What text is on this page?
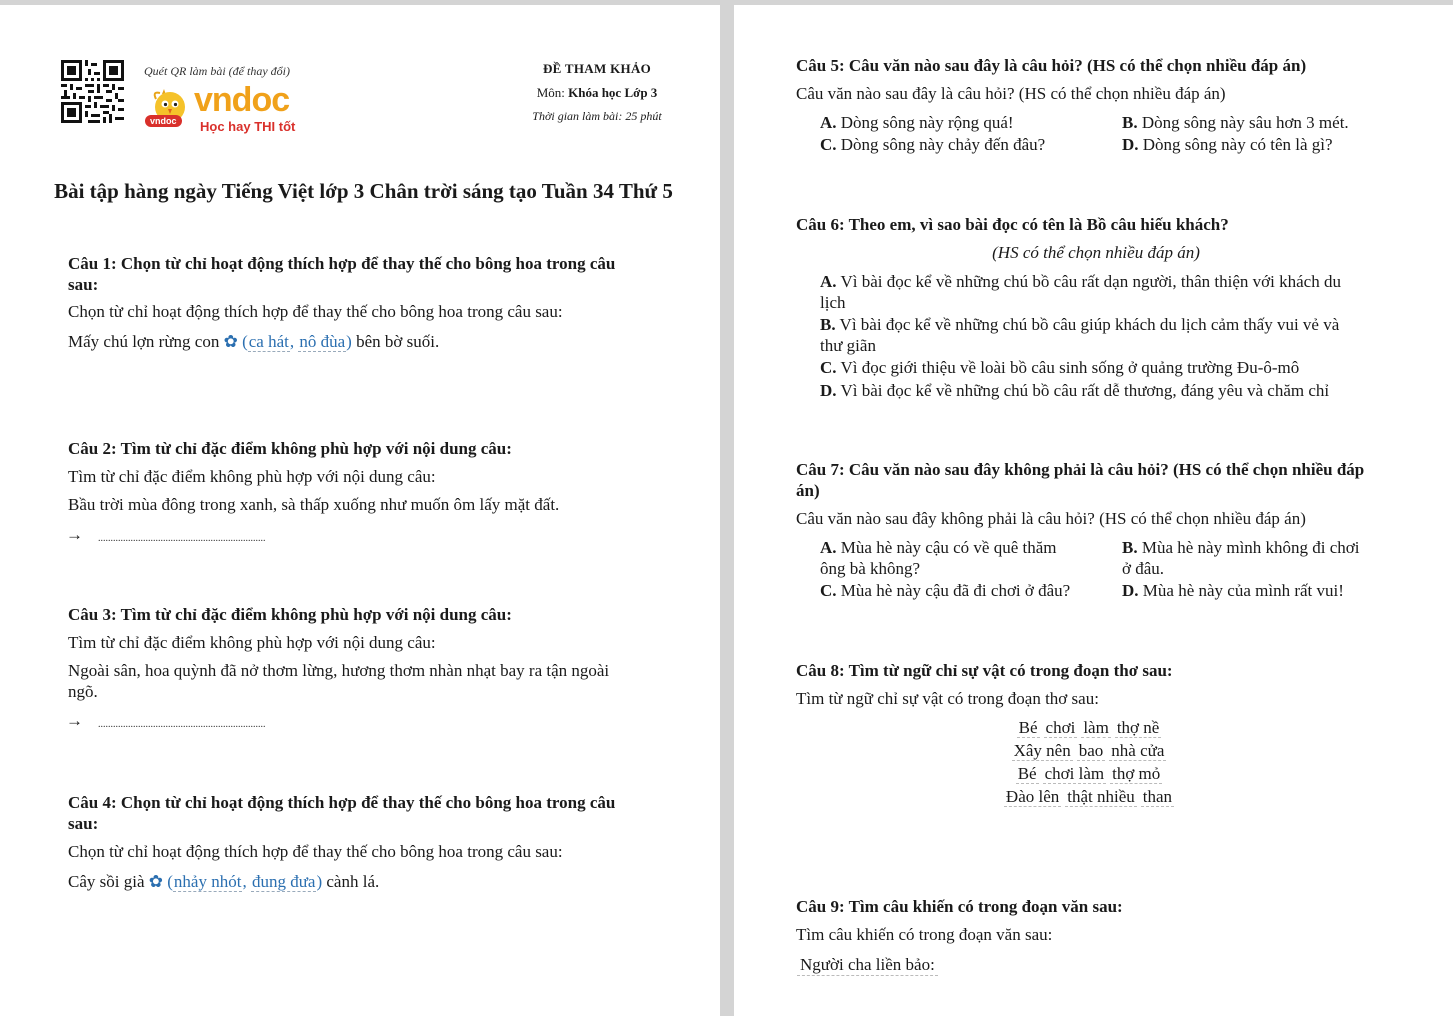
Quét QR làm bài (để thay đổi)
vndoc
vndoc
Học hay THI tốt
ĐỀ THAM KHẢO
Môn: Khóa học Lớp 3
Thời gian làm bài: 25 phút
Bài tập hàng ngày Tiếng Việt lớp 3 Chân trời sáng tạo Tuần 34 Thứ 5
Câu 1: Chọn từ chỉ hoạt động thích hợp để thay thế cho bông hoa trong câu
sau:
Chọn từ chỉ hoạt động thích hợp để thay thế cho bông hoa trong câu sau:
Mấy chú lợn rừng con ✿ (ca hát, nô đùa) bên bờ suối.
Câu 2: Tìm từ chỉ đặc điểm không phù hợp với nội dung câu:
Tìm từ chỉ đặc điểm không phù hợp với nội dung câu:
Bầu trời mùa đông trong xanh, sà thấp xuống như muốn ôm lấy mặt đất.
→ ...................................................................
Câu 3: Tìm từ chỉ đặc điểm không phù hợp với nội dung câu:
Tìm từ chỉ đặc điểm không phù hợp với nội dung câu:
Ngoài sân, hoa quỳnh đã nở thơm lừng, hương thơm nhàn nhạt bay ra tận ngoài
ngõ.
→ ...................................................................
Câu 4: Chọn từ chỉ hoạt động thích hợp để thay thế cho bông hoa trong câu
sau:
Chọn từ chỉ hoạt động thích hợp để thay thế cho bông hoa trong câu sau:
Cây sồi già ✿ (nhảy nhót, đung đưa) cành lá.
Câu 5: Câu văn nào sau đây là câu hỏi? (HS có thể chọn nhiều đáp án)
Câu văn nào sau đây là câu hỏi? (HS có thể chọn nhiều đáp án)
A. Dòng sông này rộng quá!	B. Dòng sông này sâu hơn 3 mét.
C. Dòng sông này chảy đến đâu?	D. Dòng sông này có tên là gì?
Câu 6: Theo em, vì sao bài đọc có tên là Bồ câu hiếu khách?
(HS có thể chọn nhiều đáp án)
A. Vì bài đọc kể về những chú bồ câu rất dạn người, thân thiện với khách du
lịch
B. Vì bài đọc kể về những chú bồ câu giúp khách du lịch cảm thấy vui vẻ và
thư giãn
C. Vì đọc giới thiệu về loài bồ câu sinh sống ở quảng trường Đu-ô-mô
D. Vì bài đọc kể về những chú bồ câu rất dễ thương, đáng yêu và chăm chỉ
Câu 7: Câu văn nào sau đây không phải là câu hỏi? (HS có thể chọn nhiều đáp
án)
Câu văn nào sau đây không phải là câu hỏi? (HS có thể chọn nhiều đáp án)
A. Mùa hè này cậu có về quê thăm
ông bà không?
B. Mùa hè này mình không đi chơi
ở đâu.
C. Mùa hè này cậu đã đi chơi ở đâu?	D. Mùa hè này của mình rất vui!
Câu 8: Tìm từ ngữ chỉ sự vật có trong đoạn thơ sau:
Tìm từ ngữ chỉ sự vật có trong đoạn thơ sau:
Bé chơi làm thợ nề
Xây nên bao nhà cửa
Bé chơi làm thợ mỏ
Đào lên thật nhiều than
Câu 9: Tìm câu khiến có trong đoạn văn sau:
Tìm câu khiến có trong đoạn văn sau:
Người cha liền bảo:
